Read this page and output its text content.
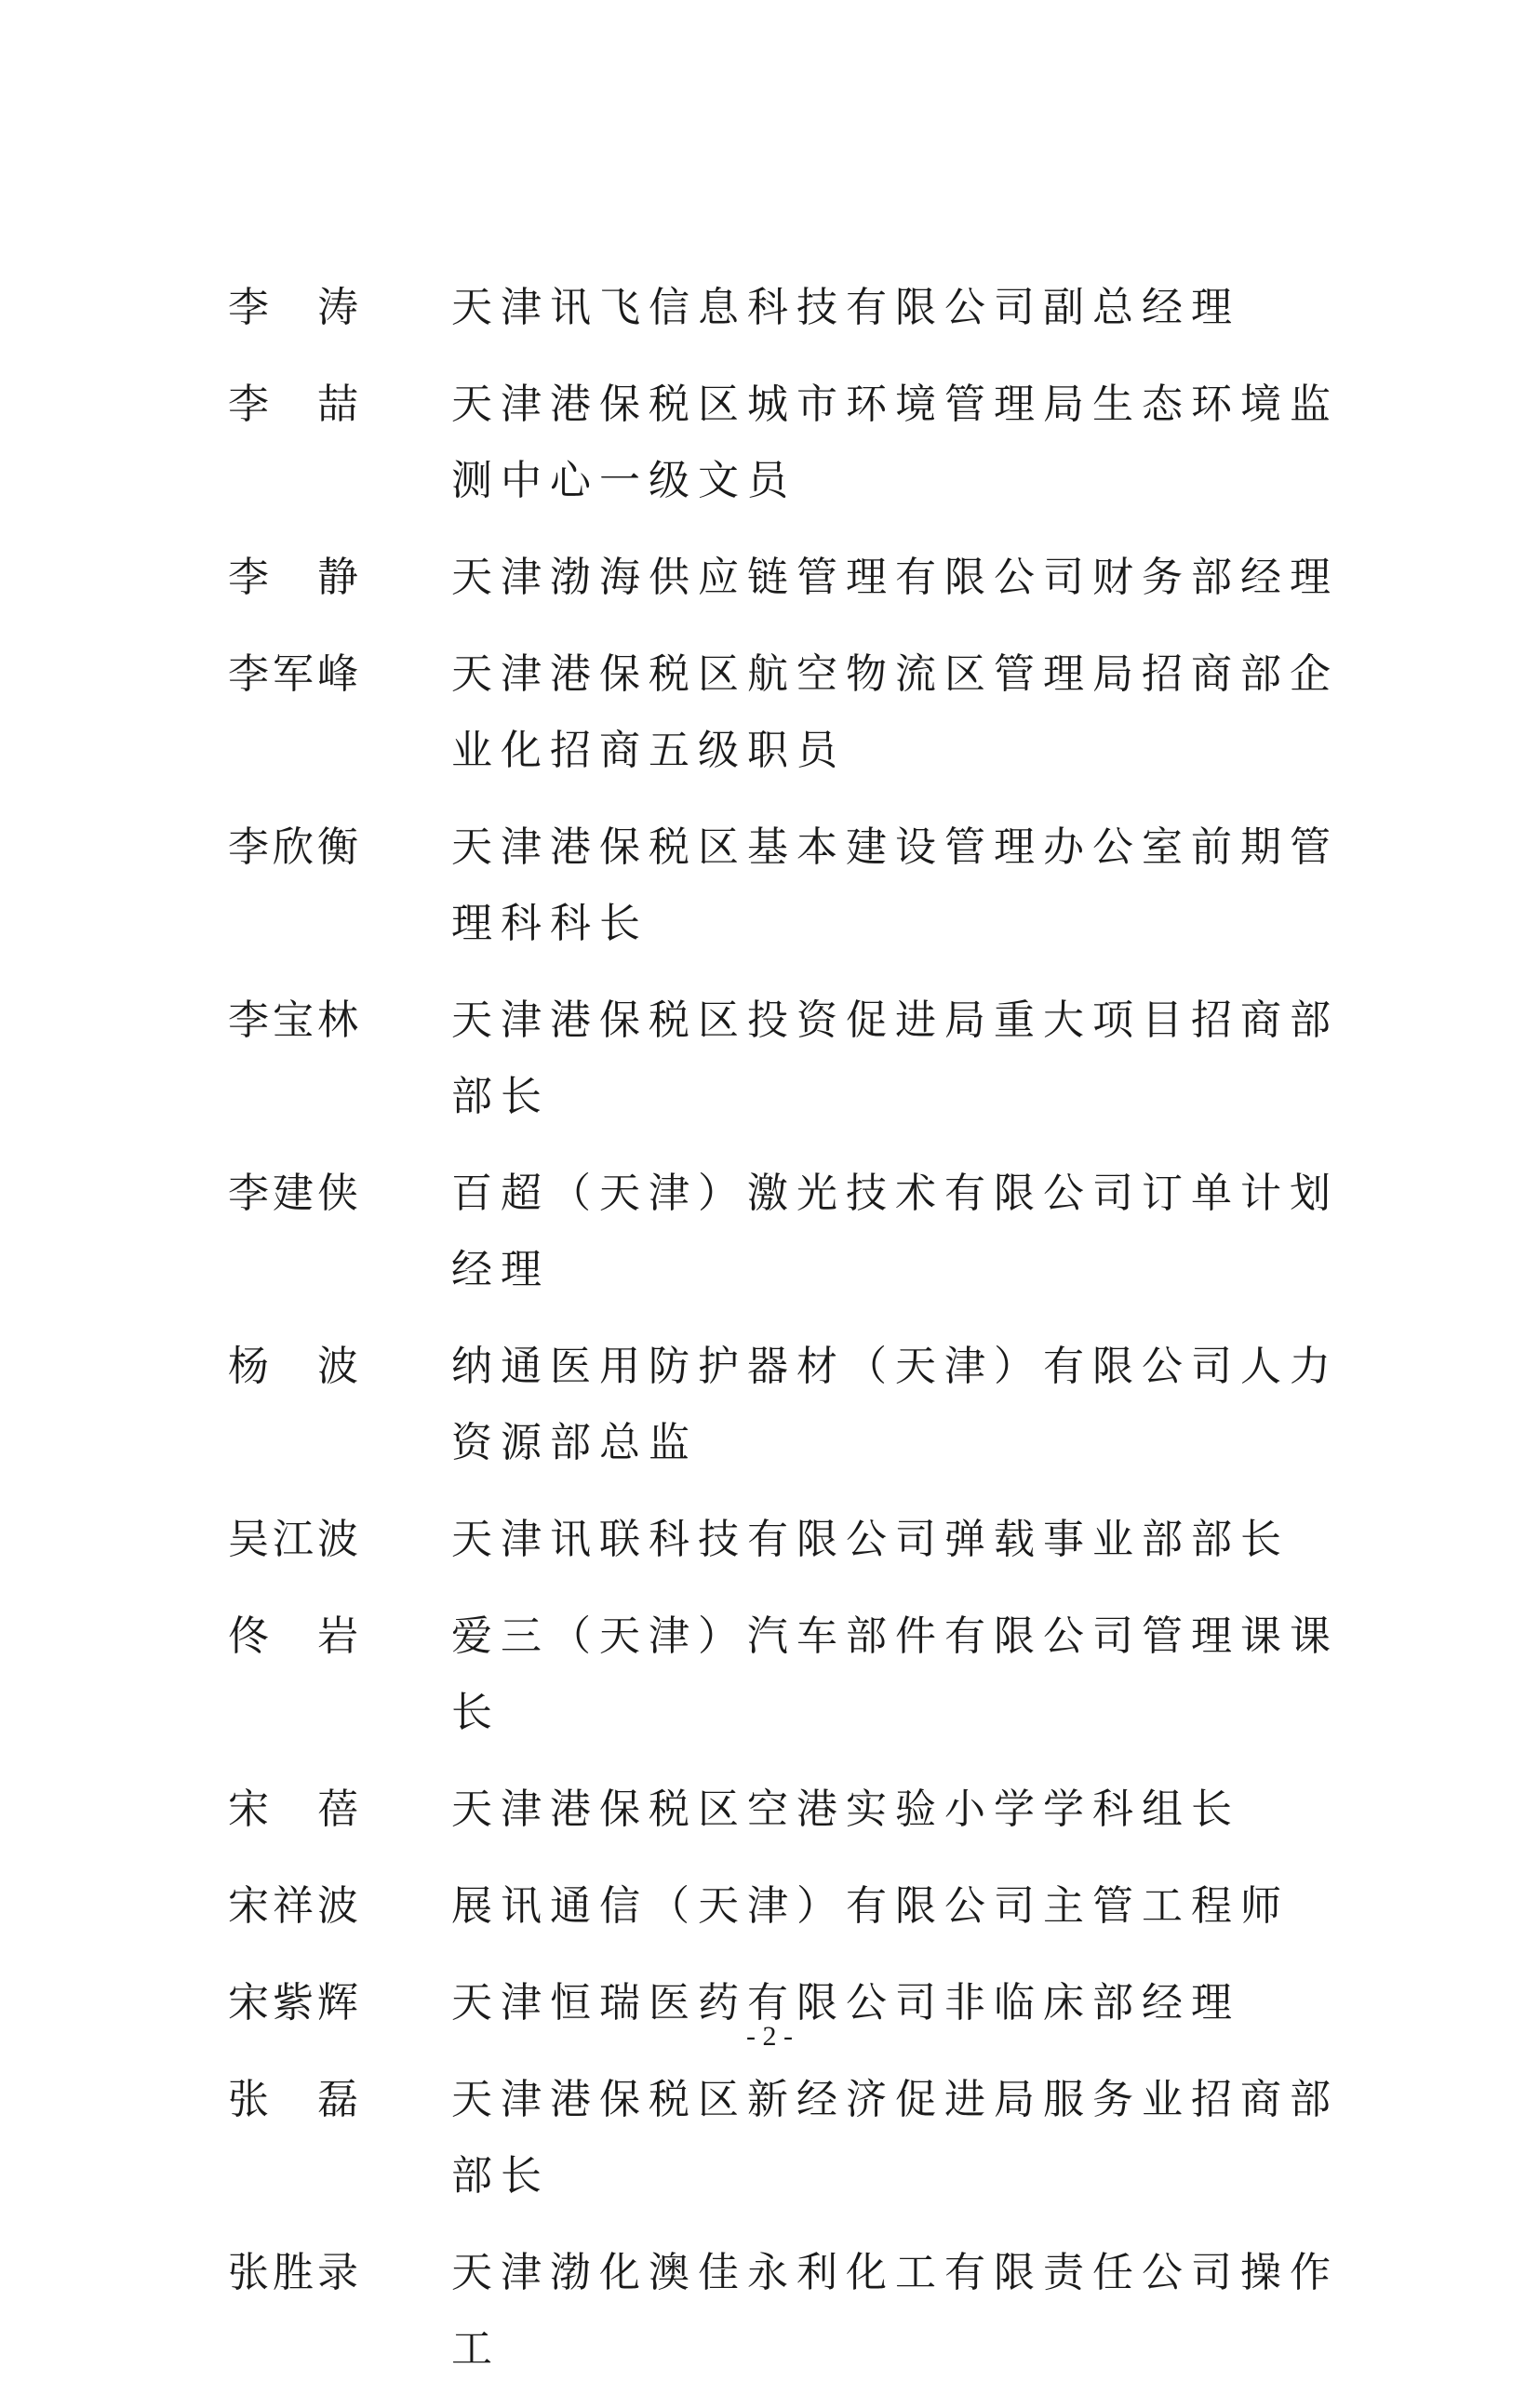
李　涛	天津讯飞信息科技有限公司副总经理
李　喆	天津港保税区城市环境管理局生态环境监测中心一级文员
李　静	天津渤海供应链管理有限公司财务部经理
李军峰	天津港保税区航空物流区管理局招商部企业化招商五级职员
李欣衡	天津港保税区基本建设管理办公室前期管理科科长
李宝林	天津港保税区投资促进局重大项目招商部部长
李建侠	百超（天津）激光技术有限公司订单计划经理
杨　波	纳通医用防护器材（天津）有限公司人力资源部总监
吴江波	天津讯联科技有限公司弹载事业部部长
佟　岩	爱三（天津）汽车部件有限公司管理课课长
宋　蓓	天津港保税区空港实验小学学科组长
宋祥波	展讯通信（天津）有限公司主管工程师
宋紫辉	天津恒瑞医药有限公司非临床部经理
张　磊	天津港保税区新经济促进局服务业招商部部长
张胜录	天津渤化澳佳永利化工有限责任公司操作工
- 2 -
